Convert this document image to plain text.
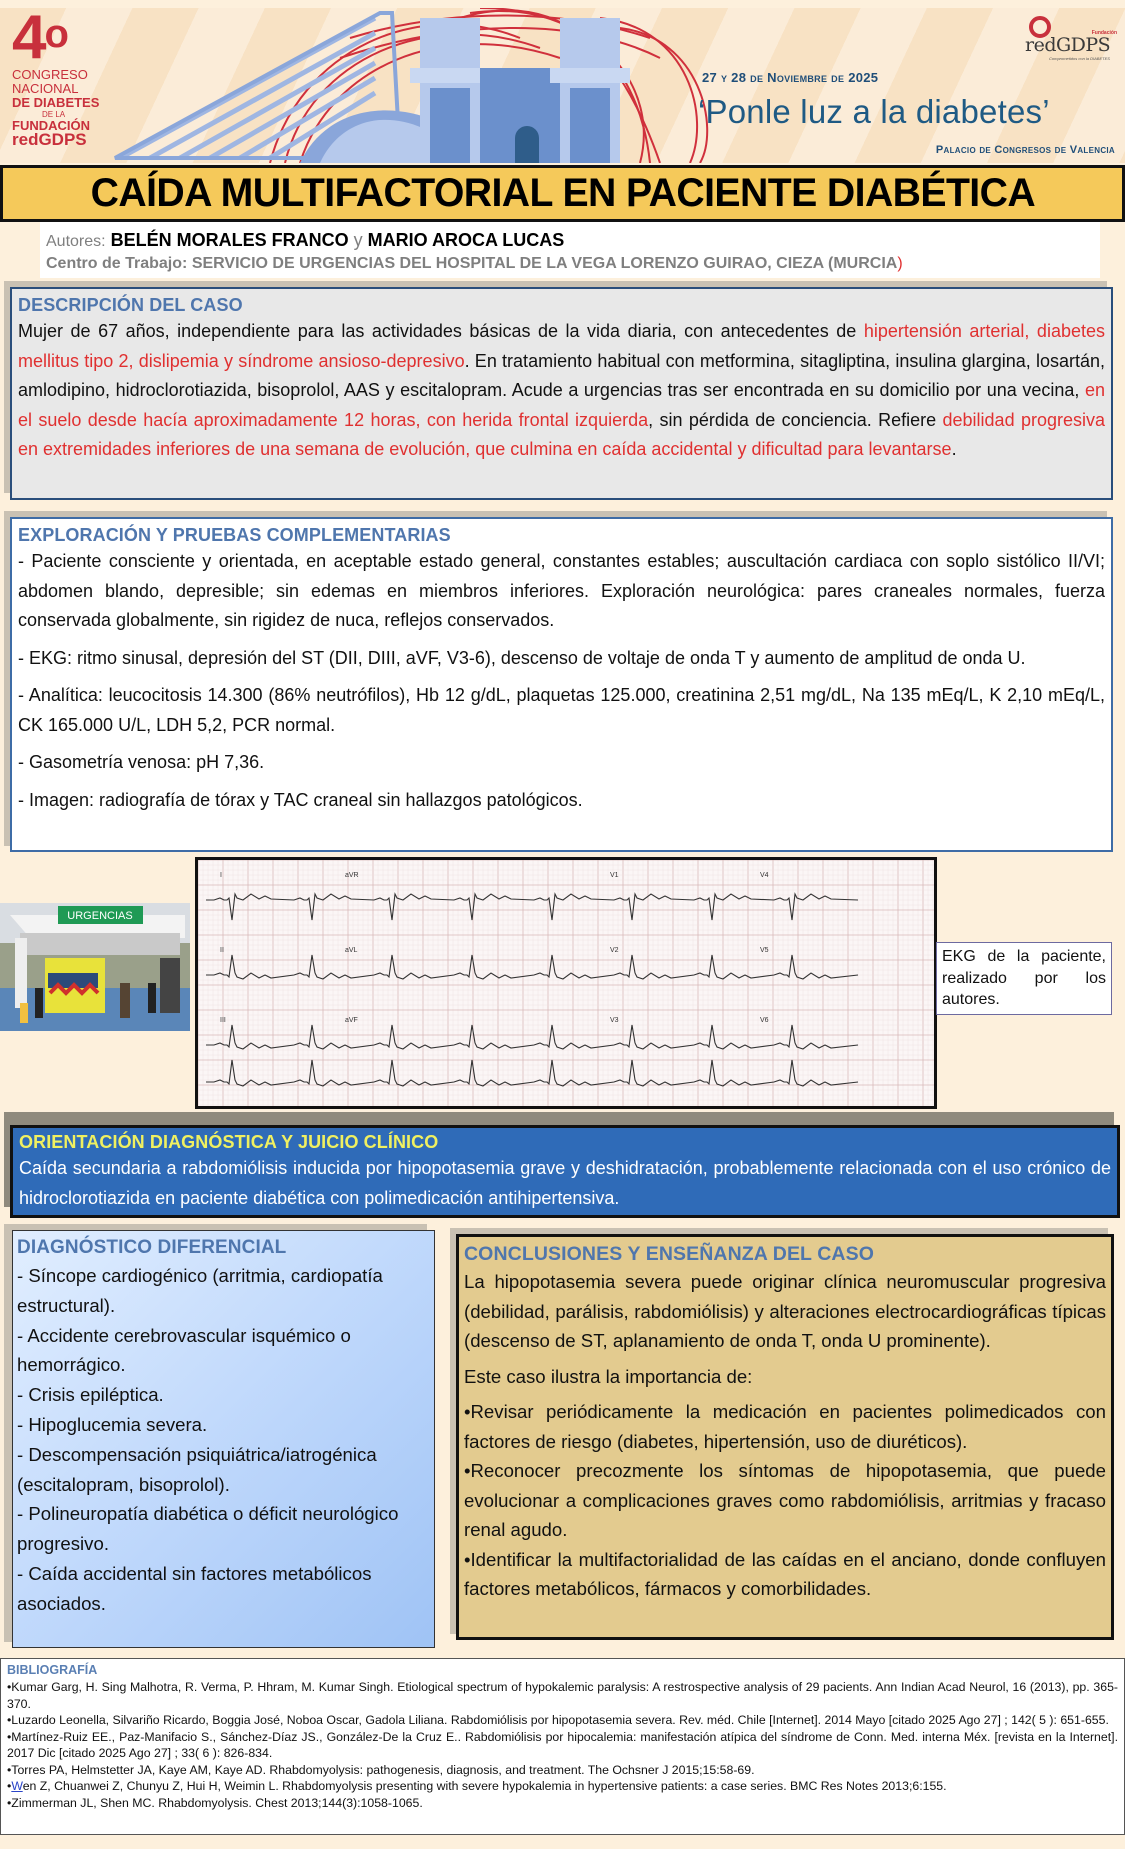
4$^o$
CONGRESO
NACIONAL
DE DIABETES
DE LA
FUNDACIÓN
redGDPS
27 y 28 de Noviembre de 2025
‘Ponle luz a la diabetes’
Palacio de Congresos de Valencia
Fundación
redGDPS
Comprometidos con la DIABETES
CAÍDA MULTIFACTORIAL EN PACIENTE DIABÉTICA
Autores: BELÉN MORALES FRANCO y MARIO AROCA LUCAS
Centro de Trabajo: SERVICIO DE URGENCIAS DEL HOSPITAL DE LA VEGA LORENZO GUIRAO, CIEZA (MURCIA)
DESCRIPCIÓN DEL CASO

Mujer de 67 años, independiente para las actividades básicas de la vida diaria, con antecedentes de hipertensión arterial, diabetes mellitus tipo 2, dislipemia y síndrome ansioso-depresivo. En tratamiento habitual con metformina, sitagliptina, insulina glargina, losartán, amlodipino, hidroclorotiazida, bisoprolol, AAS y escitalopram. Acude a urgencias tras ser encontrada en su domicilio por una vecina, en el suelo desde hacía aproximadamente 12 horas, con herida frontal izquierda, sin pérdida de conciencia. Refiere debilidad progresiva en extremidades inferiores de una semana de evolución, que culmina en caída accidental y dificultad para levantarse.

EXPLORACIÓN Y PRUEBAS COMPLEMENTARIAS

- Paciente consciente y orientada, en aceptable estado general, constantes estables; auscultación cardiaca con soplo sistólico II/VI; abdomen blando, depresible; sin edemas en miembros inferiores. Exploración neurológica: pares craneales normales, fuerza conservada globalmente, sin rigidez de nuca, reflejos conservados.

- EKG: ritmo sinusal, depresión del ST (DII, DIII, aVF, V3-6), descenso de voltaje de onda T y aumento de amplitud de onda U.

- Analítica: leucocitosis 14.300 (86% neutrófilos), Hb 12 g/dL, plaquetas 125.000, creatinina 2,51 mg/dL, Na 135 mEq/L, K 2,10 mEq/L, CK 165.000 U/L, LDH 5,2, PCR normal.

- Gasometría venosa: pH 7,36.

- Imagen: radiografía de tórax y TAC craneal sin hallazgos patológicos.

URGENCIAS
I	aVR	V1	V4
II	aVL	V2	V5
III	aVF	V3	V6
EKG de la paciente, realizado por los autores.
ORIENTACIÓN DIAGNÓSTICA Y JUICIO CLÍNICO

Caída secundaria a rabdomiólisis inducida por hipopotasemia grave y deshidratación, probablemente relacionada con el uso crónico de hidroclorotiazida en paciente diabética con polimedicación antihipertensiva.

DIAGNÓSTICO DIFERENCIAL
- Síncope cardiogénico (arritmia, cardiopatía estructural).
- Accidente cerebrovascular isquémico o hemorrágico.
- Crisis epiléptica.
- Hipoglucemia severa.
- Descompensación psiquiátrica/iatrogénica (escitalopram, bisoprolol).
- Polineuropatía diabética o déficit neurológico progresivo.
- Caída accidental sin factores metabólicos asociados.
CONCLUSIONES Y ENSEÑANZA DEL CASO

La hipopotasemia severa puede originar clínica neuromuscular progresiva (debilidad, parálisis, rabdomiólisis) y alteraciones electrocardiográficas típicas (descenso de ST, aplanamiento de onda T, onda U prominente).

Este caso ilustra la importancia de:

•Revisar periódicamente la medicación en pacientes polimedicados con factores de riesgo (diabetes, hipertensión, uso de diuréticos).

•Reconocer precozmente los síntomas de hipopotasemia, que puede evolucionar a complicaciones graves como rabdomiólisis, arritmias y fracaso renal agudo.

•Identificar la multifactorialidad de las caídas en el anciano, donde confluyen factores metabólicos, fármacos y comorbilidades.

BIBLIOGRAFÍA
•Kumar Garg, H. Sing Malhotra, R. Verma, P. Hhram, M. Kumar Singh. Etiological spectrum of hypokalemic paralysis: A restrospective analysis of 29 pacients. Ann Indian Acad Neurol, 16 (2013), pp. 365-370.
•Luzardo Leonella, Silvariño Ricardo, Boggia José, Noboa Oscar, Gadola Liliana. Rabdomiólisis por hipopotasemia severa. Rev. méd. Chile [Internet]. 2014 Mayo [citado 2025 Ago 27] ; 142( 5 ): 651-655.
•Martínez-Ruiz EE., Paz-Manifacio S., Sánchez-Díaz JS., González-De la Cruz E.. Rabdomiólisis por hipocalemia: manifestación atípica del síndrome de Conn. Med. interna Méx. [revista en la Internet]. 2017 Dic [citado 2025 Ago 27] ; 33( 6 ): 826-834.
•Torres PA, Helmstetter JA, Kaye AM, Kaye AD. Rhabdomyolysis: pathogenesis, diagnosis, and treatment. The Ochsner J 2015;15:58-69.
•Wen Z, Chuanwei Z, Chunyu Z, Hui H, Weimin L. Rhabdomyolysis presenting with severe hypokalemia in hypertensive patients: a case series. BMC Res Notes 2013;6:155.
•Zimmerman JL, Shen MC. Rhabdomyolysis. Chest 2013;144(3):1058-1065.
